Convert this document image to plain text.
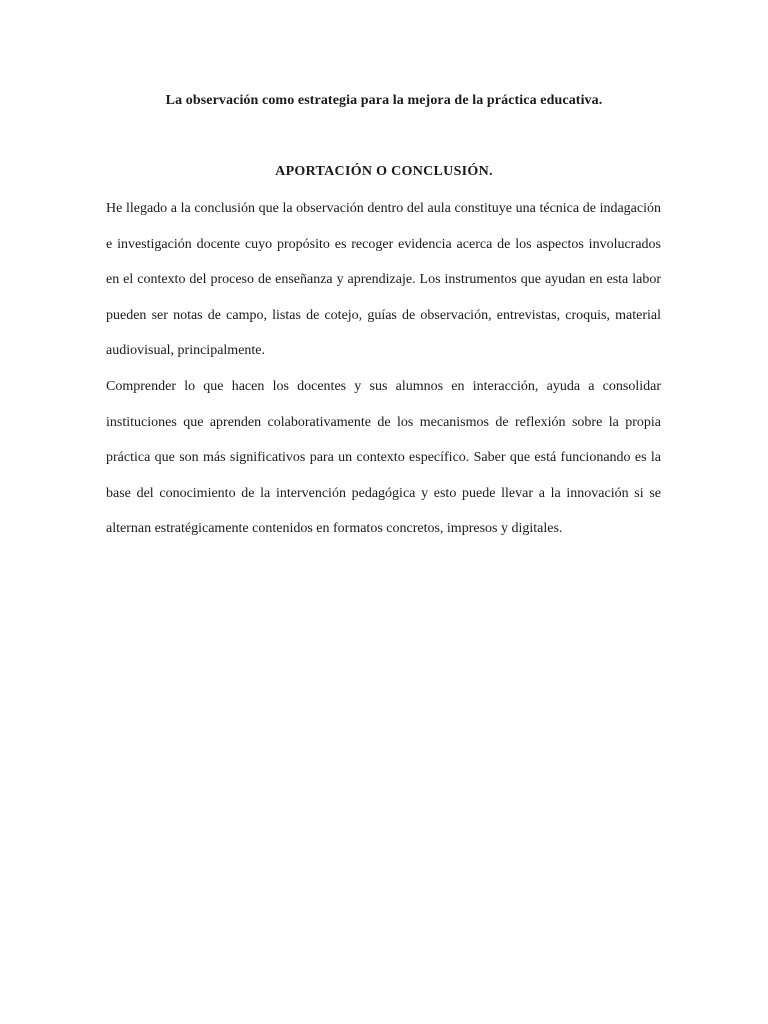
La observación como estrategia para la mejora de la práctica educativa.
APORTACIÓN O CONCLUSIÓN.

He llegado a la conclusión que la observación dentro del aula constituye una técnica de indagación e investigación docente cuyo propósito es recoger evidencia acerca de los aspectos involucrados en el contexto del proceso de enseñanza y aprendizaje. Los instrumentos que ayudan en esta labor pueden ser notas de campo, listas de cotejo, guías de observación, entrevistas, croquis, material audiovisual, principalmente.

Comprender lo que hacen los docentes y sus alumnos en interacción, ayuda a consolidar instituciones que aprenden colaborativamente de los mecanismos de reflexión sobre la propia práctica que son más significativos para un contexto específico. Saber que está funcionando es la base del conocimiento de la intervención pedagógica y esto puede llevar a la innovación si se alternan estratégicamente contenidos en formatos concretos, impresos y digitales.
